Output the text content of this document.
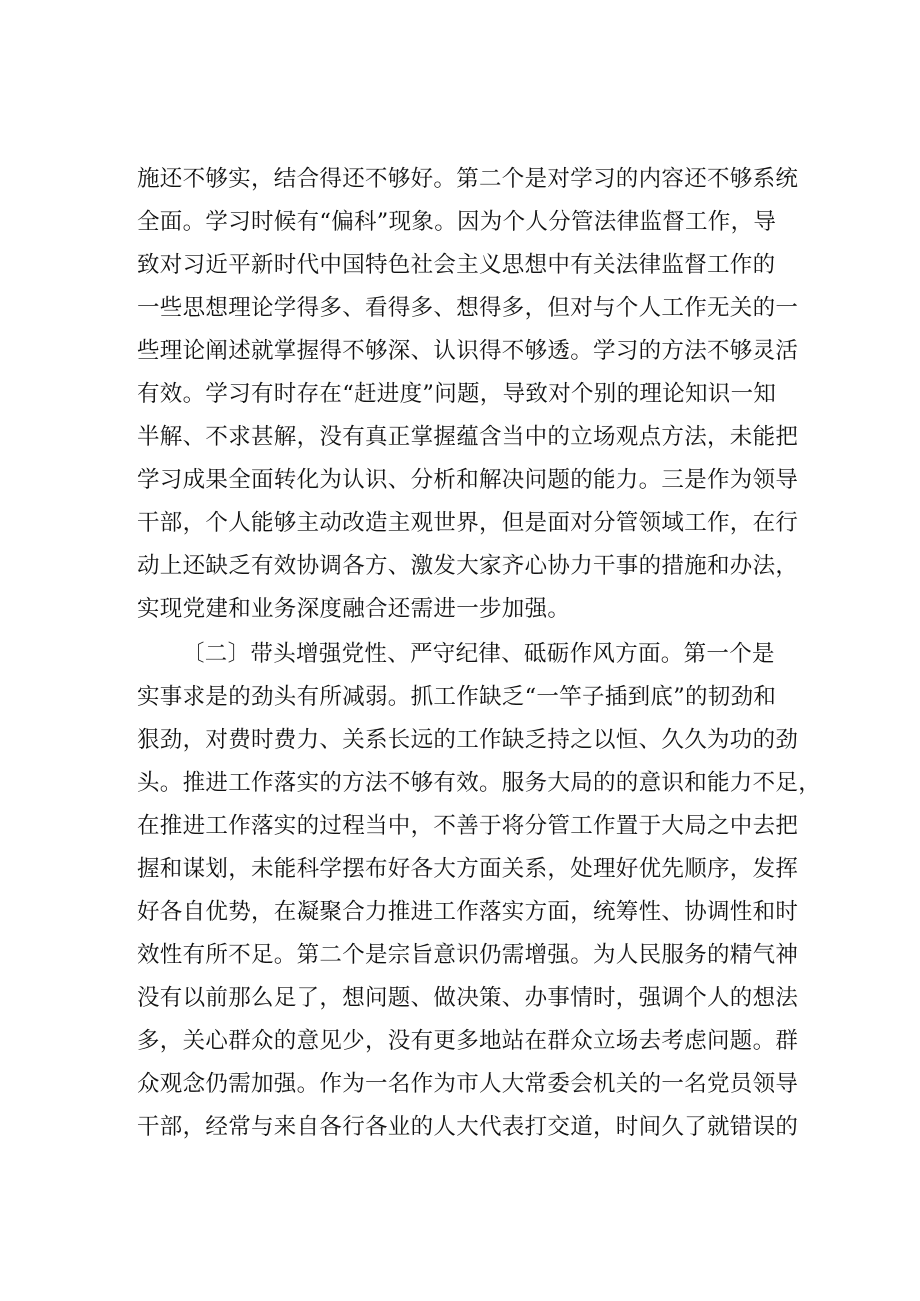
施还不够实，结合得还不够好。第二个是对学习的内容还不够系统
全面。学习时候有“偏科”现象。因为个人分管法律监督工作，导
致对习近平新时代中国特色社会主义思想中有关法律监督工作的
一些思想理论学得多、看得多、想得多，但对与个人工作无关的一
些理论阐述就掌握得不够深、认识得不够透。学习的方法不够灵活
有效。学习有时存在“赶进度”问题，导致对个别的理论知识一知
半解、不求甚解，没有真正掌握蕴含当中的立场观点方法，未能把
学习成果全面转化为认识、分析和解决问题的能力。三是作为领导
干部，个人能够主动改造主观世界，但是面对分管领域工作，在行
动上还缺乏有效协调各方、激发大家齐心协力干事的措施和办法，
实现党建和业务深度融合还需进一步加强。
〔二〕带头增强党性、严守纪律、砥砺作风方面。第一个是
实事求是的劲头有所减弱。抓工作缺乏“一竿子插到底”的韧劲和
狠劲，对费时费力、关系长远的工作缺乏持之以恒、久久为功的劲
头。推进工作落实的方法不够有效。服务大局的的意识和能力不足，
在推进工作落实的过程当中，不善于将分管工作置于大局之中去把
握和谋划，未能科学摆布好各大方面关系，处理好优先顺序，发挥
好各自优势，在凝聚合力推进工作落实方面，统筹性、协调性和时
效性有所不足。第二个是宗旨意识仍需增强。为人民服务的精气神
没有以前那么足了，想问题、做决策、办事情时，强调个人的想法
多，关心群众的意见少，没有更多地站在群众立场去考虑问题。群
众观念仍需加强。作为一名作为市人大常委会机关的一名党员领导
干部，经常与来自各行各业的人大代表打交道，时间久了就错误的
